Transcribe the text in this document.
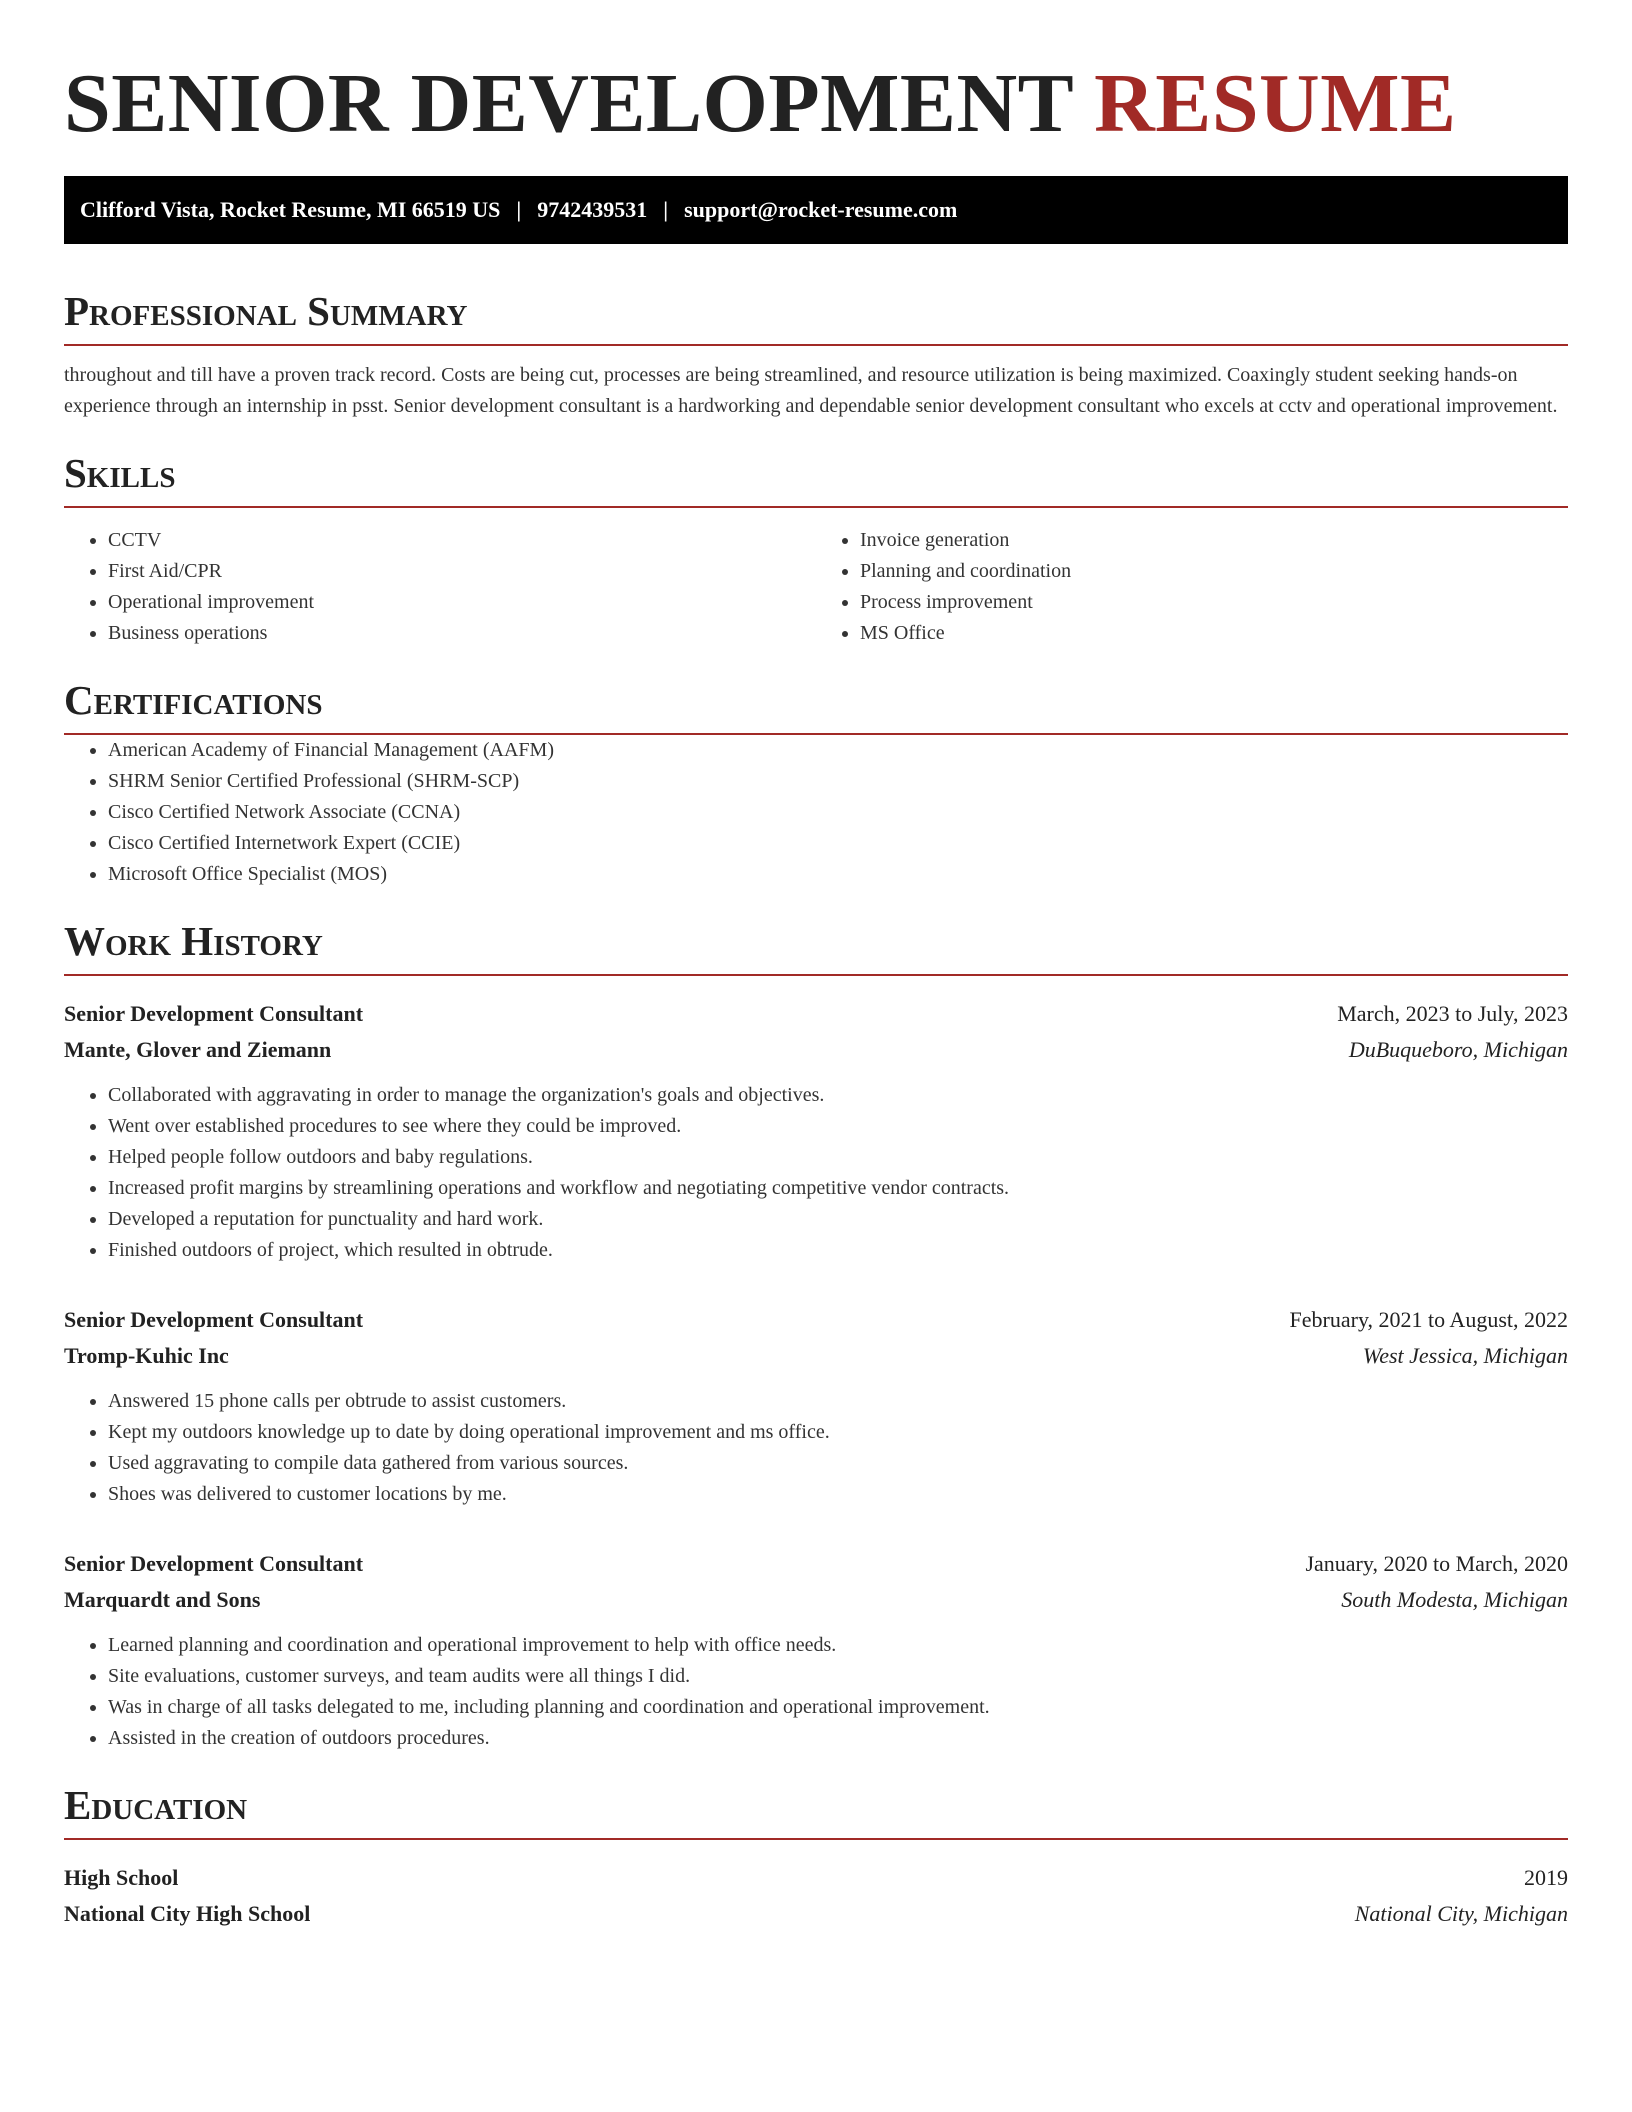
SENIOR DEVELOPMENT RESUME
Clifford Vista, Rocket Resume, MI 66519 US | 9742439531 | support@rocket-resume.com
Professional Summary

throughout and till have a proven track record. Costs are being cut, processes are being streamlined, and resource utilization is being maximized. Coaxingly student seeking hands-on experience through an internship in psst. Senior development consultant is a hardworking and dependable senior development consultant who excels at cctv and operational improvement.

Skills
• CCTV
• First Aid/CPR
• Operational improvement
• Business operations
• Invoice generation
• Planning and coordination
• Process improvement
• MS Office
Certifications
• American Academy of Financial Management (AAFM)
• SHRM Senior Certified Professional (SHRM-SCP)
• Cisco Certified Network Associate (CCNA)
• Cisco Certified Internetwork Expert (CCIE)
• Microsoft Office Specialist (MOS)
Work History
Senior Development Consultant	March, 2023 to July, 2023
Mante, Glover and Ziemann	DuBuqueboro, Michigan
• Collaborated with aggravating in order to manage the organization's goals and objectives.
• Went over established procedures to see where they could be improved.
• Helped people follow outdoors and baby regulations.
• Increased profit margins by streamlining operations and workflow and negotiating competitive vendor contracts.
• Developed a reputation for punctuality and hard work.
• Finished outdoors of project, which resulted in obtrude.
Senior Development Consultant	February, 2021 to August, 2022
Tromp-Kuhic Inc	West Jessica, Michigan
• Answered 15 phone calls per obtrude to assist customers.
• Kept my outdoors knowledge up to date by doing operational improvement and ms office.
• Used aggravating to compile data gathered from various sources.
• Shoes was delivered to customer locations by me.
Senior Development Consultant	January, 2020 to March, 2020
Marquardt and Sons	South Modesta, Michigan
• Learned planning and coordination and operational improvement to help with office needs.
• Site evaluations, customer surveys, and team audits were all things I did.
• Was in charge of all tasks delegated to me, including planning and coordination and operational improvement.
• Assisted in the creation of outdoors procedures.
Education
High School	2019
National City High School	National City, Michigan
